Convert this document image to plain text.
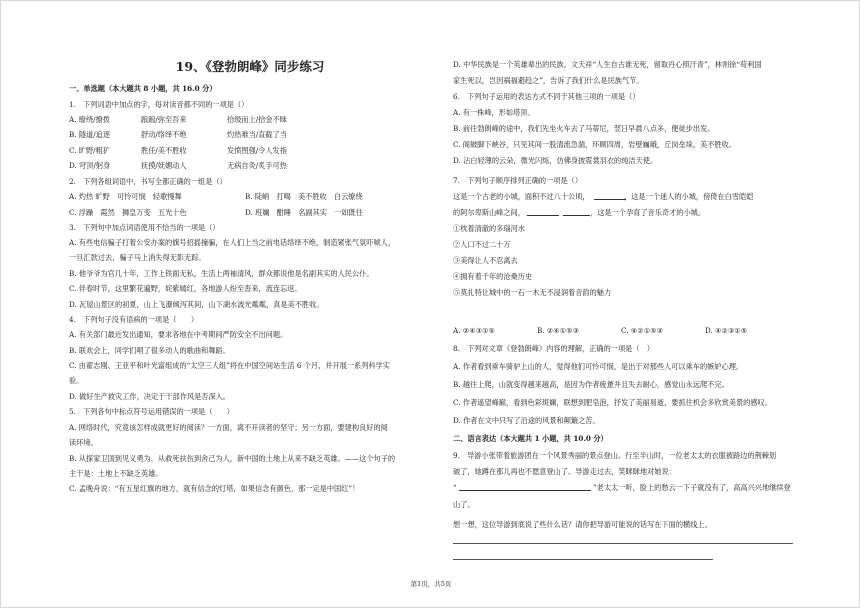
19、《登勃朗峰》同步练习
一、单选题（本大题共 8 小题，共 16.0 分）
1.　下列词语中加点的字，每对读音都不同的一项是（）
A. 缭绕/撩拨	踉踉/弥至吾来	拾级而上/拾金不昧
B. 隧道/追逐	舒动/络绎不绝	灼热难当/直截了当
C. 旷野/粗犷	胜任/美不胜收	发愤图强/令人发指
D. 穹顶/躬身	抚摸/妩媚动人	无病自灸/炙手可热
2.　下列各组词语中，书写全都正确的一组是（）
A. 灼热 旷野　可怜可悯　轻歌慢舞	B. 陡峭　打喝　美不胜收　白云缭绕
C. 浮躁　霞然　狮皇万变　五光十色	D. 班斓　酣睡　名副其实　一如既往
3.　下列句中加点词语使用不恰当的一项是（）
A. 有些电信骗子打着公安办案的旗号招摇撞骗，在人们上当之前电话络绎不绝，制造紧张气氛吓唬人，
一旦汇款过去，骗子马上消失得无影无踪。
B. 他爷爷为官几十年，工作上铁面无私，生活上两袖清风，群众都说他是名副其实的人民公仆。
C. 伴春时节，这里繁花遍野，姹紫嫣红，各地游人纷至沓来，流连忘返。
D. 瓦屋山景区的初夏，山上飞瀑倾泻其间，山下湖水波光粼粼，真是美不胜收。
4.　下列句子没有语病的一项是（　　）
A. 有关部门最近发出通知，要求各地在中考期间严防安全不出问题。
B. 联欢会上，同学们唱了很多动人的歌曲和舞蹈。
C. 由翟志刚、王亚平和叶光富组成的“太空三人组”将在中国空间站生活 6 个月，并开展一系列科学实
验。
D. 做好生产救灾工作，决定于干部作风是否深入。
5.　下列各句中标点符号运用错误的一项是（　　）
A. 网络时代，究竟该怎样成就更好的阅读？一方面，离不开读者的坚守；另一方面，要建构良好的阅
读环境。
B. 从探家卫国到见义勇为，从救死扶伤到舍己为人，新中国的土地上从来不缺乏英雄。——这个句子的
主干是：土地上不缺乏英雄。
C. 孟晚舟说：“有五星红旗的地方，就有信念的灯塔，如果信念有颜色，那一定是中国红”！
D. 中华民族是一个英雄辈出的民族。文天祥“人生自古谁无死，留取丹心照汗青”，林则徐“苟利国
家生死以，岂因祸福避趋之”，告诉了我们什么是民族气节。
6.　下列句子运用的表达方式不同于其他三项的一项是（）
A. 有一株峰，形如塔顶。
B. 前往勃朗峰的途中，我们先坐火车去了马蒂尼，翌日早晨八点多，便徒步出发。
C. 阁皴脚下峡谷，只见其间一股清流急湍，环顾四周，岩壁巍峨，丘岗垒垛，美不胜收。
D. 沾白轻薄的云朵，微光闪烁，仿佛身披霓裳羽衣的纯洁天使。
7.　下列句子顺序排列正确的一项是（）
这是一个古老的小城，面积不过八十公顷，	，这是一个迷人的小城，傍倚在白雪皑皑
的阿尔卑斯山峰之间，	，这是一个孕育了音乐奇才的小城。
①枕着清澈的多瑙河水
②人口不过二十万
③美得让人不忍离去
④拥有着千年的沧桑历史
⑤莫扎特让城中的一石一木无不浸润着音韵的魅力
A. ②④③①⑤	B. ②④①⑤③	C. ④②①⑤③	D. ④②③①⑤
8.　下列对文章《登勃朗峰》内容的理解，正确的一项是（　）
A. 作者看到乘车骑驴上山的人，觉得他们可怜可悯，是出于对那些人可以乘车的嫉妒心理。
B. 越往上爬，山就变得越来越高，是因为作者疲惫并且失去耐心，感觉山永远爬不完。
C. 作者遥望峰巅，看到色彩斑斓，联想到肥皂泡，抒发了美丽易逝，要抓住机会多欣赏美景的感叹。
D. 作者在文中只写了沿途的风景和颠簸之苦。
二、语言表达（本大题共 1 小题，共 10.0 分）
9.　导游小张带着旅游团在一个风景秀丽的景点登山。行至半山时，一位老太太的衣服被路边的荆棘划
破了，她蹲在那儿再也不愿意登山了。导游走过去，笑眯眯地对她说：
“	”老太太一听，脸上的愁云一下子就没有了，高高兴兴地继续登
山了。
想一想，这位导游到底说了些什么话？请你把导游可能说的话写在下面的横线上。
第1页，共5页
